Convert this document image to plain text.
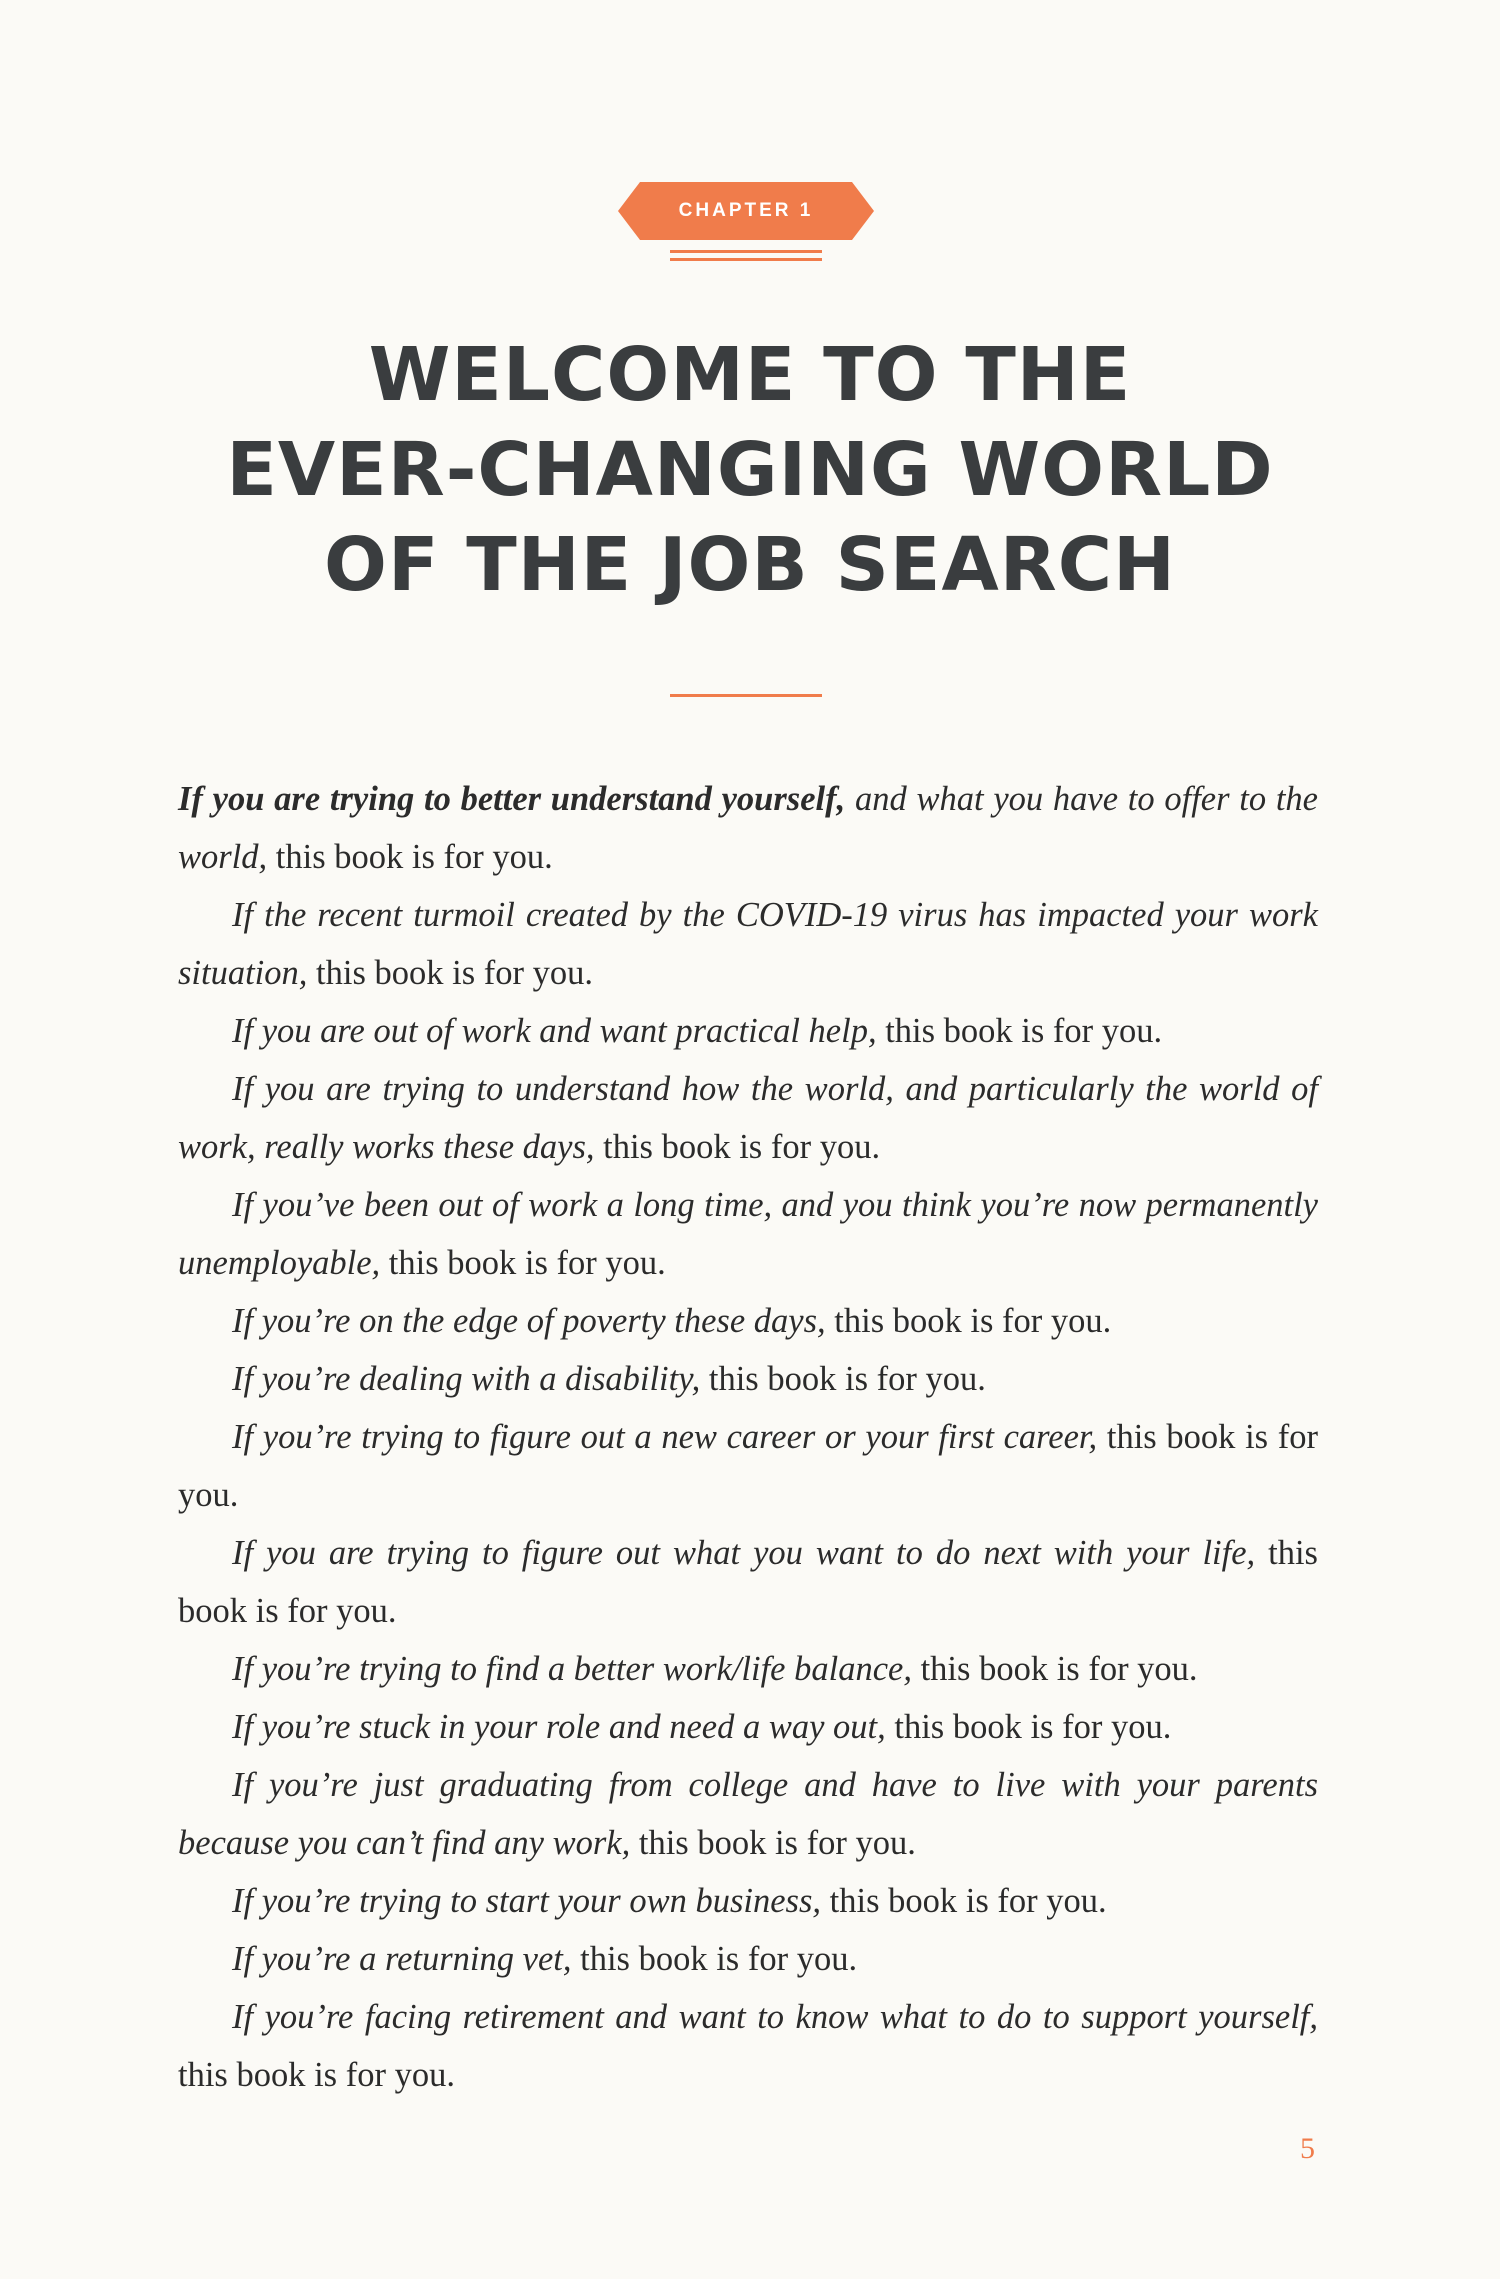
CHAPTER 1
WELCOME TO THE
EVER-CHANGING WORLD
OF THE JOB SEARCH

If you are trying to better understand yourself, and what you have to offer to the world, this book is for you.

If the recent turmoil created by the COVID-19 virus has impacted your work situation, this book is for you.

If you are out of work and want practical help, this book is for you.

If you are trying to understand how the world, and particularly the world of work, really works these days, this book is for you.

If you’ve been out of work a long time, and you think you’re now permanently unemployable, this book is for you.

If you’re on the edge of poverty these days, this book is for you.

If you’re dealing with a disability, this book is for you.

If you’re trying to figure out a new career or your first career, this book is for you.

If you are trying to figure out what you want to do next with your life, this book is for you.

If you’re trying to find a better work/life balance, this book is for you.

If you’re stuck in your role and need a way out, this book is for you.

If you’re just graduating from college and have to live with your parents because you can’t find any work, this book is for you.

If you’re trying to start your own business, this book is for you.

If you’re a returning vet, this book is for you.

If you’re facing retirement and want to know what to do to support yourself, this book is for you.

5
